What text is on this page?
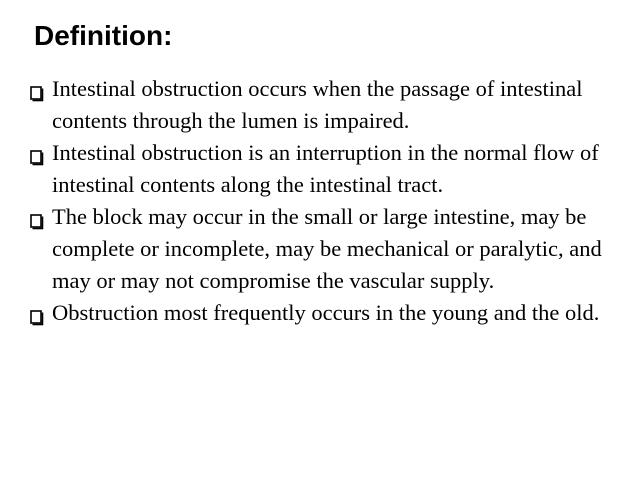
Definition:
Intestinal obstruction occurs when the passage of intestinal contents through the lumen is impaired.
Intestinal obstruction is an interruption in the normal flow of intestinal contents along the intestinal tract.
The block may occur in the small or large intestine, may be complete or incomplete, may be mechanical or paralytic, and may or may not compromise the vascular supply.
Obstruction most frequently occurs in the young and the old.
